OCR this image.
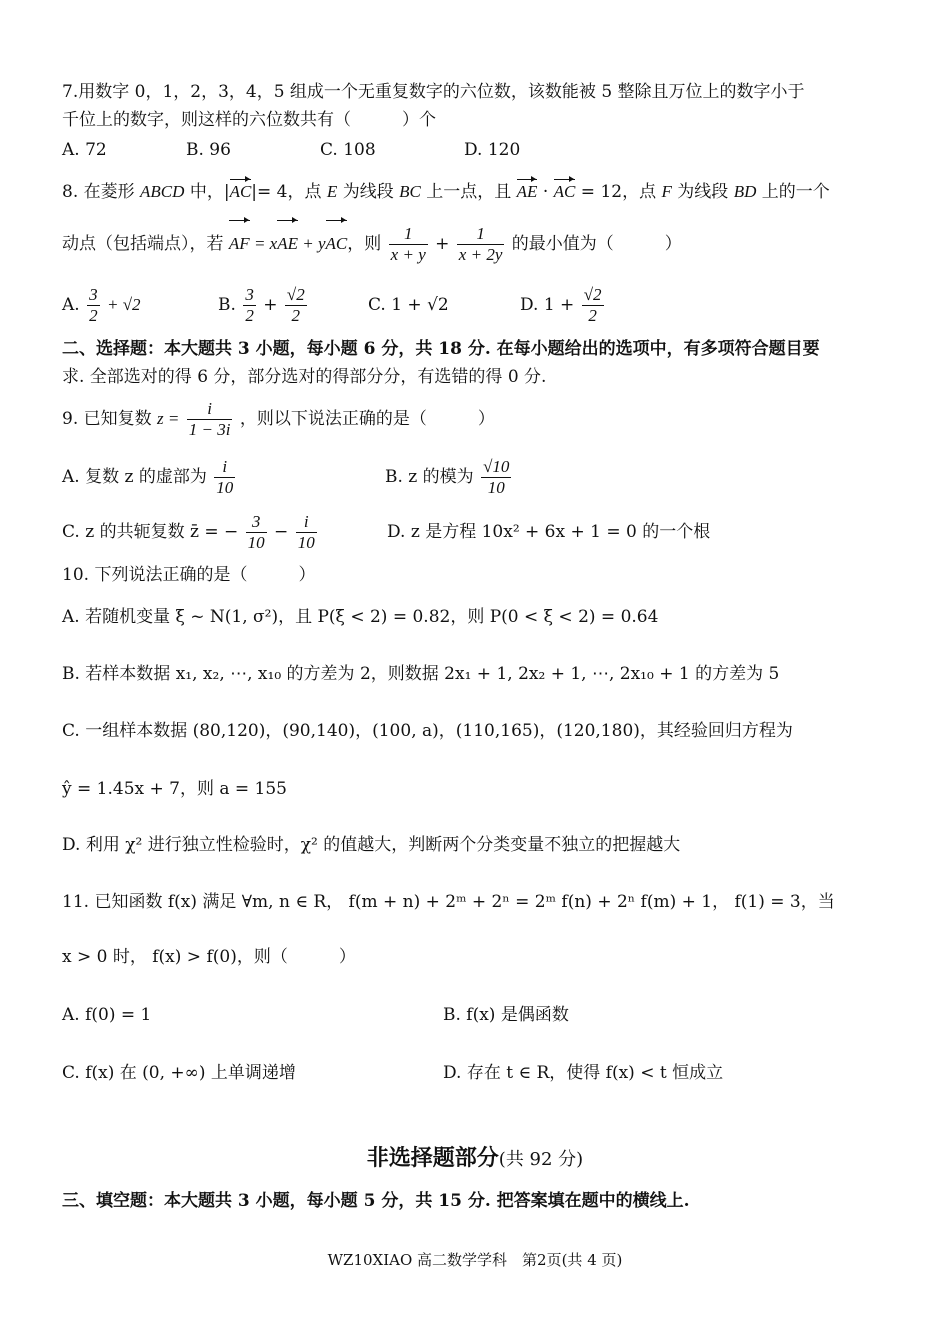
7.用数字 0，1，2，3，4，5 组成一个无重复数字的六位数，该数能被 5 整除且万位上的数字小于
千位上的数字，则这样的六位数共有（　　　）个
A. 72	B. 96	C. 108	D. 120
8. 在菱形 ABCD 中，|AC|= 4，点 E 为线段 BC 上一点，且 AE · AC = 12，点 F 为线段 BD 上的一个
动点（包括端点），若 AF = xAE + yAC，则 $\frac{1}{x + y} + \frac{1}{x + 2y}$ 的最小值为（　　　）
A. $\frac{3}{2} + √2$	B. $\frac{3}{2} + \frac{√2}{2}$	C. 1 + √2	D. $1 + \frac{√2}{2}$
二、选择题：本大题共 3 小题，每小题 6 分，共 18 分. 在每小题给出的选项中，有多项符合题目要
求. 全部选对的得 6 分，部分选对的得部分分，有选错的得 0 分.
9. 已知复数 $z = \frac{i}{1 - 3i}$ ，则以下说法正确的是（　　　）
A. 复数 z 的虚部为 $\frac{i}{10}$	B. z 的模为 $\frac{√10}{10}$
C. z 的共轭复数 z̄ = − $\frac{3}{10} - \frac{i}{10}$	D. z 是方程 10x² + 6x + 1 = 0 的一个根
10. 下列说法正确的是（　　　）
A. 若随机变量 ξ ~ N(1, σ²)，且 P(ξ < 2) = 0.82，则 P(0 < ξ < 2) = 0.64
B. 若样本数据 x₁, x₂, ⋯, x₁₀ 的方差为 2，则数据 2x₁ + 1, 2x₂ + 1, ⋯, 2x₁₀ + 1 的方差为 5
C. 一组样本数据 (80,120)，(90,140)，(100, a)，(110,165)，(120,180)，其经验回归方程为
ŷ = 1.45x + 7，则 a = 155
D. 利用 χ² 进行独立性检验时，χ² 的值越大，判断两个分类变量不独立的把握越大
11. 已知函数 f(x) 满足 ∀m, n ∈ R， f(m + n) + 2ᵐ + 2ⁿ = 2ᵐ f(n) + 2ⁿ f(m) + 1， f(1) = 3，当
x > 0 时， f(x) > f(0)，则（　　　）
A. f(0) = 1	B. f(x) 是偶函数
C. f(x) 在 (0, +∞) 上单调递增	D. 存在 t ∈ R，使得 f(x) < t 恒成立
非选择题部分(共 92 分)
三、填空题：本大题共 3 小题，每小题 5 分，共 15 分. 把答案填在题中的横线上.
WZ10XIAO 高二数学学科　第2页(共 4 页)
